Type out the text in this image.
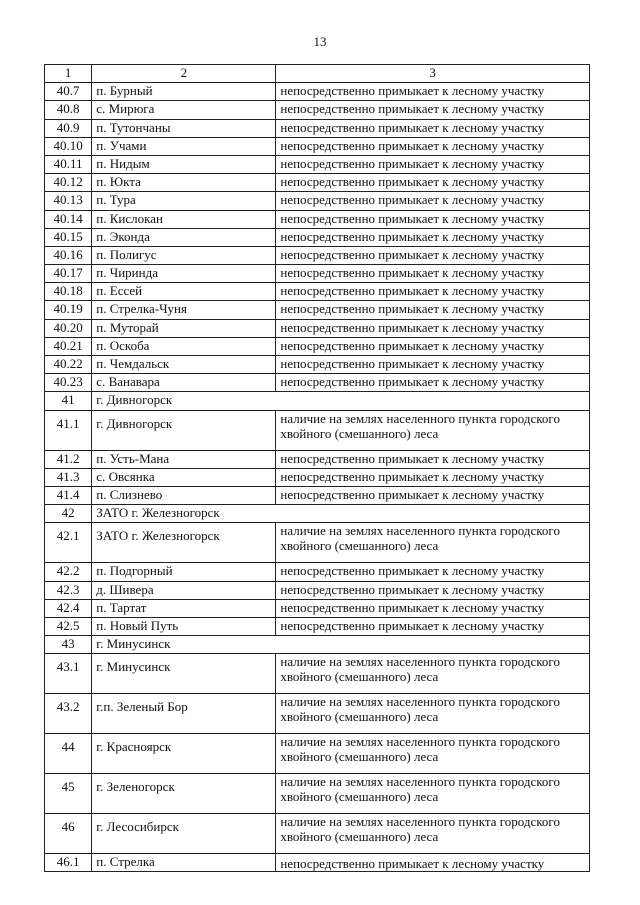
13
1	2	3
40.7	п. Бурный	непосредственно примыкает к лесному участку
40.8	с. Мирюга	непосредственно примыкает к лесному участку
40.9	п. Тутончаны	непосредственно примыкает к лесному участку
40.10	п. Учами	непосредственно примыкает к лесному участку
40.11	п. Нидым	непосредственно примыкает к лесному участку
40.12	п. Юкта	непосредственно примыкает к лесному участку
40.13	п. Тура	непосредственно примыкает к лесному участку
40.14	п. Кислокан	непосредственно примыкает к лесному участку
40.15	п. Эконда	непосредственно примыкает к лесному участку
40.16	п. Полигус	непосредственно примыкает к лесному участку
40.17	п. Чиринда	непосредственно примыкает к лесному участку
40.18	п. Ессей	непосредственно примыкает к лесному участку
40.19	п. Стрелка-Чуня	непосредственно примыкает к лесному участку
40.20	п. Муторай	непосредственно примыкает к лесному участку
40.21	п. Оскоба	непосредственно примыкает к лесному участку
40.22	п. Чемдальск	непосредственно примыкает к лесному участку
40.23	с. Ванавара	непосредственно примыкает к лесному участку
41	г. Дивногорск	
41.1	г. Дивногорск	наличие на землях населенного пункта городского хвойного (смешанного) леса
41.2	п. Усть-Мана	непосредственно примыкает к лесному участку
41.3	с. Овсянка	непосредственно примыкает к лесному участку
41.4	п. Слизнево	непосредственно примыкает к лесному участку
42	ЗАТО г. Железногорск	
42.1	ЗАТО г. Железногорск	наличие на землях населенного пункта городского хвойного (смешанного) леса
42.2	п. Подгорный	непосредственно примыкает к лесному участку
42.3	д. Шивера	непосредственно примыкает к лесному участку
42.4	п. Тартат	непосредственно примыкает к лесному участку
42.5	п. Новый Путь	непосредственно примыкает к лесному участку
43	г. Минусинск	
43.1	г. Минусинск	наличие на землях населенного пункта городского хвойного (смешанного) леса
43.2	г.п. Зеленый Бор	наличие на землях населенного пункта городского хвойного (смешанного) леса
44	г. Красноярск	наличие на землях населенного пункта городского хвойного (смешанного) леса
45	г. Зеленогорск	наличие на землях населенного пункта городского хвойного (смешанного) леса
46	г. Лесосибирск	наличие на землях населенного пункта городского хвойного (смешанного) леса
46.1	п. Стрелка	непосредственно примыкает к лесному участку
